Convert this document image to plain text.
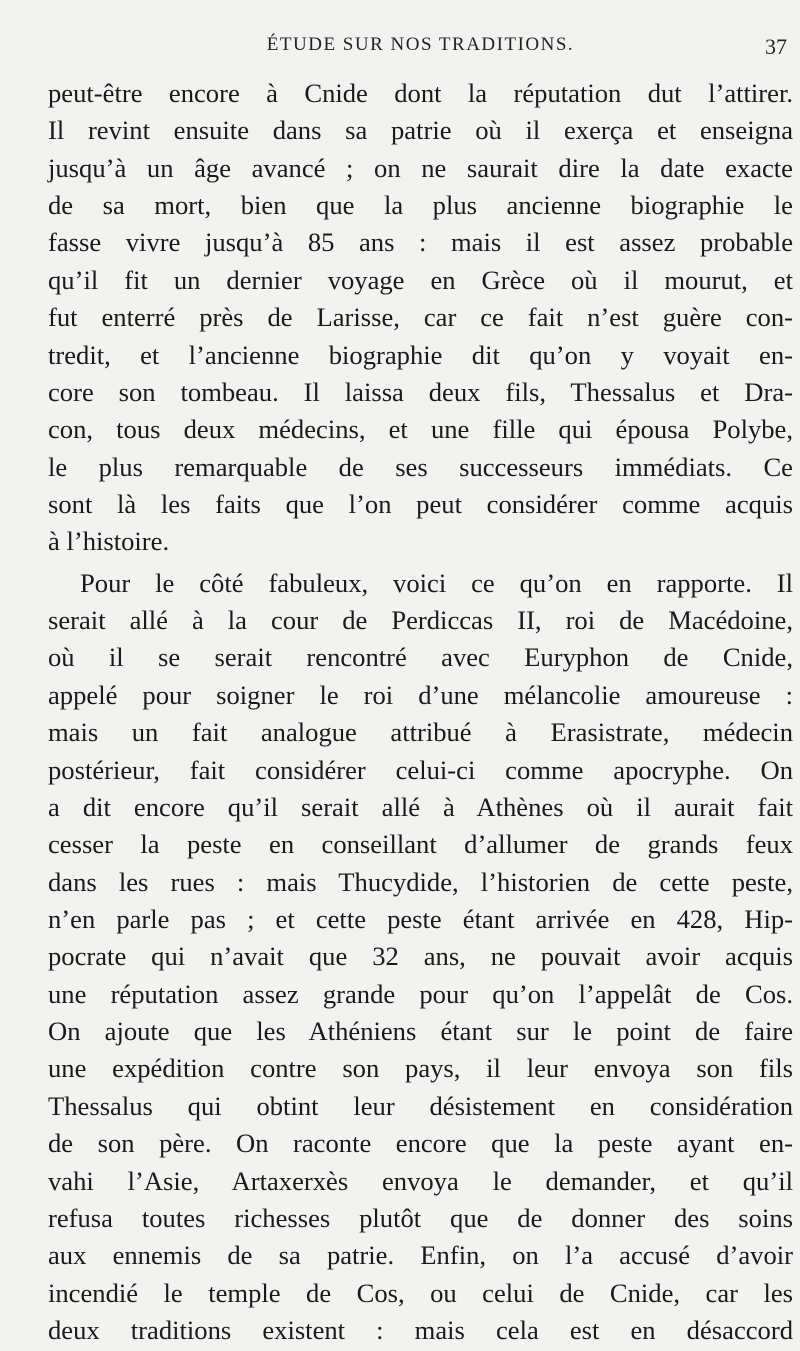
ÉTUDE SUR NOS TRADITIONS.	37
peut-être encore à Cnide dont la réputation dut l’attirer.
Il revint ensuite dans sa patrie où il exerça et enseigna
jusqu’à un âge avancé ; on ne saurait dire la date exacte
de sa mort, bien que la plus ancienne biographie le
fasse vivre jusqu’à 85 ans : mais il est assez probable
qu’il fit un dernier voyage en Grèce où il mourut, et
fut enterré près de Larisse, car ce fait n’est guère con-
tredit, et l’ancienne biographie dit qu’on y voyait en-
core son tombeau. Il laissa deux fils, Thessalus et Dra-
con, tous deux médecins, et une fille qui épousa Polybe,
le plus remarquable de ses successeurs immédiats. Ce
sont là les faits que l’on peut considérer comme acquis
à l’histoire.
Pour le côté fabuleux, voici ce qu’on en rapporte. Il
serait allé à la cour de Perdiccas II, roi de Macédoine,
où il se serait rencontré avec Euryphon de Cnide,
appelé pour soigner le roi d’une mélancolie amoureuse :
mais un fait analogue attribué à Erasistrate, médecin
postérieur, fait considérer celui-ci comme apocryphe. On
a dit encore qu’il serait allé à Athènes où il aurait fait
cesser la peste en conseillant d’allumer de grands feux
dans les rues : mais Thucydide, l’historien de cette peste,
n’en parle pas ; et cette peste étant arrivée en 428, Hip-
pocrate qui n’avait que 32 ans, ne pouvait avoir acquis
une réputation assez grande pour qu’on l’appelât de Cos.
On ajoute que les Athéniens étant sur le point de faire
une expédition contre son pays, il leur envoya son fils
Thessalus qui obtint leur désistement en considération
de son père. On raconte encore que la peste ayant en-
vahi l’Asie, Artaxerxès envoya le demander, et qu’il
refusa toutes richesses plutôt que de donner des soins
aux ennemis de sa patrie. Enfin, on l’a accusé d’avoir
incendié le temple de Cos, ou celui de Cnide, car les
deux traditions existent : mais cela est en désaccord
